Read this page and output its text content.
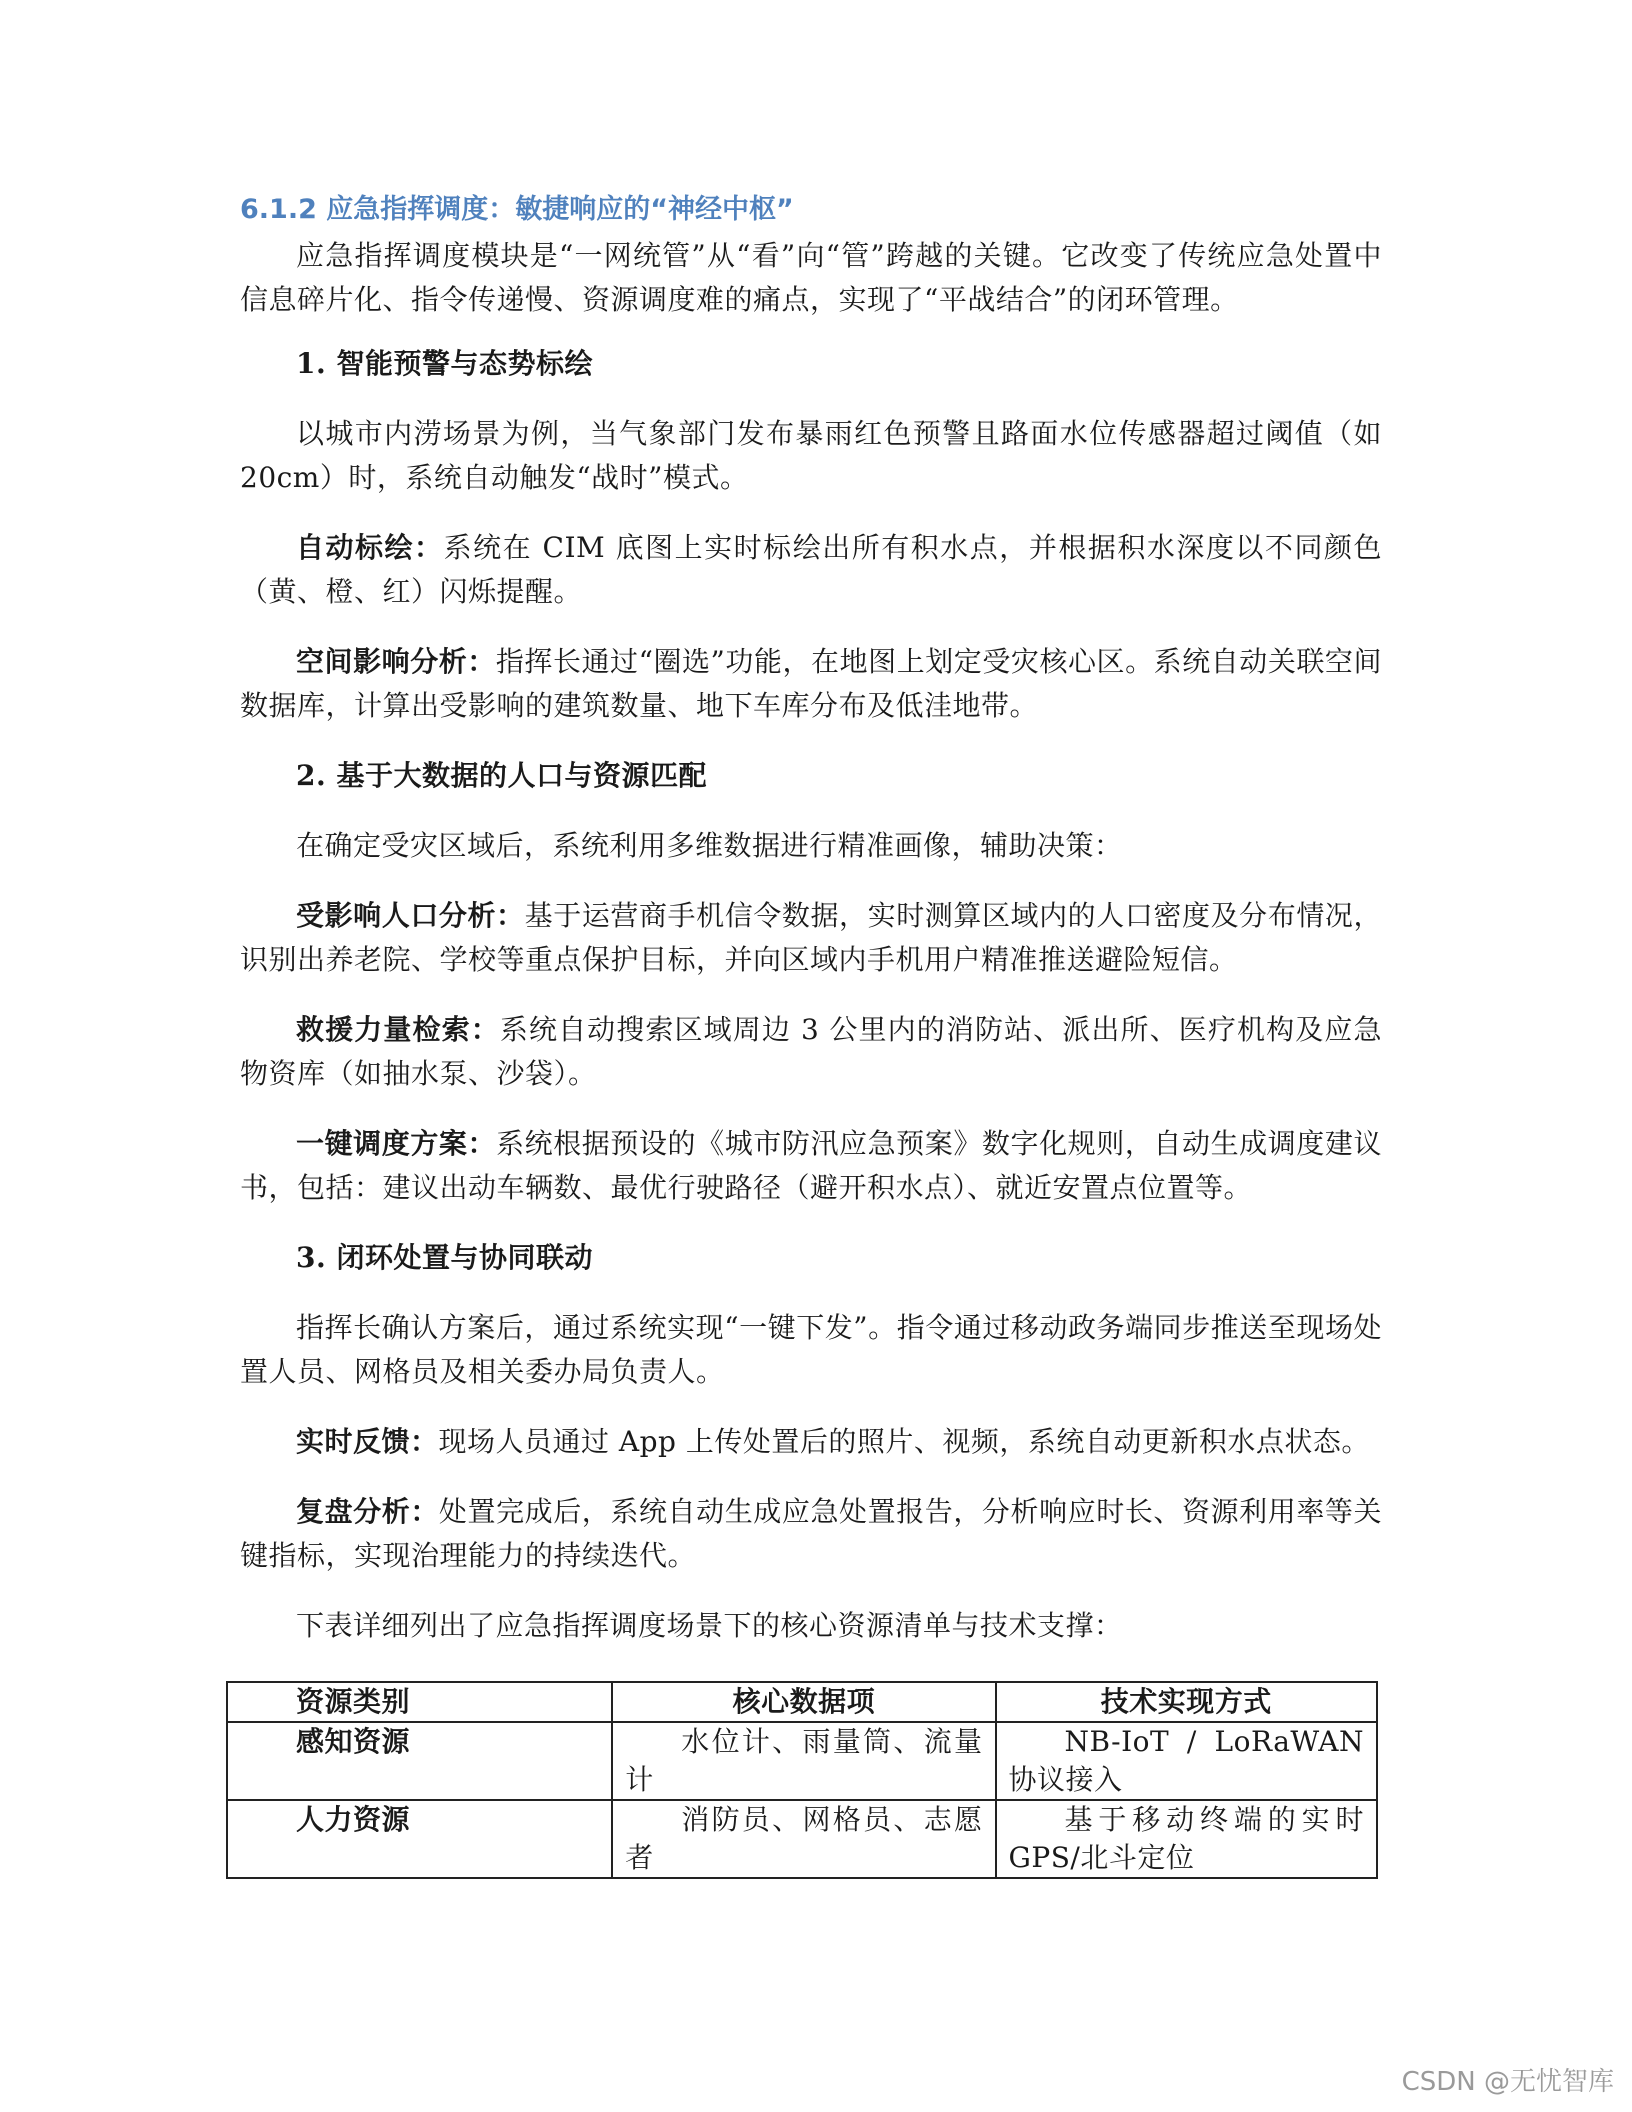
6.1.2 应急指挥调度：敏捷响应的“神经中枢”

应急指挥调度模块是“一网统管”从“看”向“管”跨越的关键。它改变了传统应急处置中信息碎片化、指令传递慢、资源调度难的痛点，实现了“平战结合”的闭环管理。

1. 智能预警与态势标绘

以城市内涝场景为例，当气象部门发布暴雨红色预警且路面水位传感器超过阈值（如 20cm）时，系统自动触发“战时”模式。

自动标绘：系统在 CIM 底图上实时标绘出所有积水点，并根据积水深度以不同颜色（黄、橙、红）闪烁提醒。

空间影响分析：指挥长通过“圈选”功能，在地图上划定受灾核心区。系统自动关联空间数据库，计算出受影响的建筑数量、地下车库分布及低洼地带。

2. 基于大数据的人口与资源匹配

在确定受灾区域后，系统利用多维数据进行精准画像，辅助决策：

受影响人口分析：基于运营商手机信令数据，实时测算区域内的人口密度及分布情况，识别出养老院、学校等重点保护目标，并向区域内手机用户精准推送避险短信。

救援力量检索：系统自动搜索区域周边 3 公里内的消防站、派出所、医疗机构及应急物资库（如抽水泵、沙袋）。

一键调度方案：系统根据预设的《城市防汛应急预案》数字化规则，自动生成调度建议书，包括：建议出动车辆数、最优行驶路径（避开积水点）、就近安置点位置等。

3. 闭环处置与协同联动

指挥长确认方案后，通过系统实现“一键下发”。指令通过移动政务端同步推送至现场处置人员、网格员及相关委办局负责人。

实时反馈：现场人员通过 App 上传处置后的照片、视频，系统自动更新积水点状态。

复盘分析：处置完成后，系统自动生成应急处置报告，分析响应时长、资源利用率等关键指标，实现治理能力的持续迭代。

下表详细列出了应急指挥调度场景下的核心资源清单与技术支撑：

资源类别	核心数据项	技术实现方式
感知资源	水位计、雨量筒、流量计	NB-IoT / LoRaWAN 协议接入
人力资源	消防员、网格员、志愿者	基于移动终端的实时 GPS/北斗定位
CSDN @无忧智库
